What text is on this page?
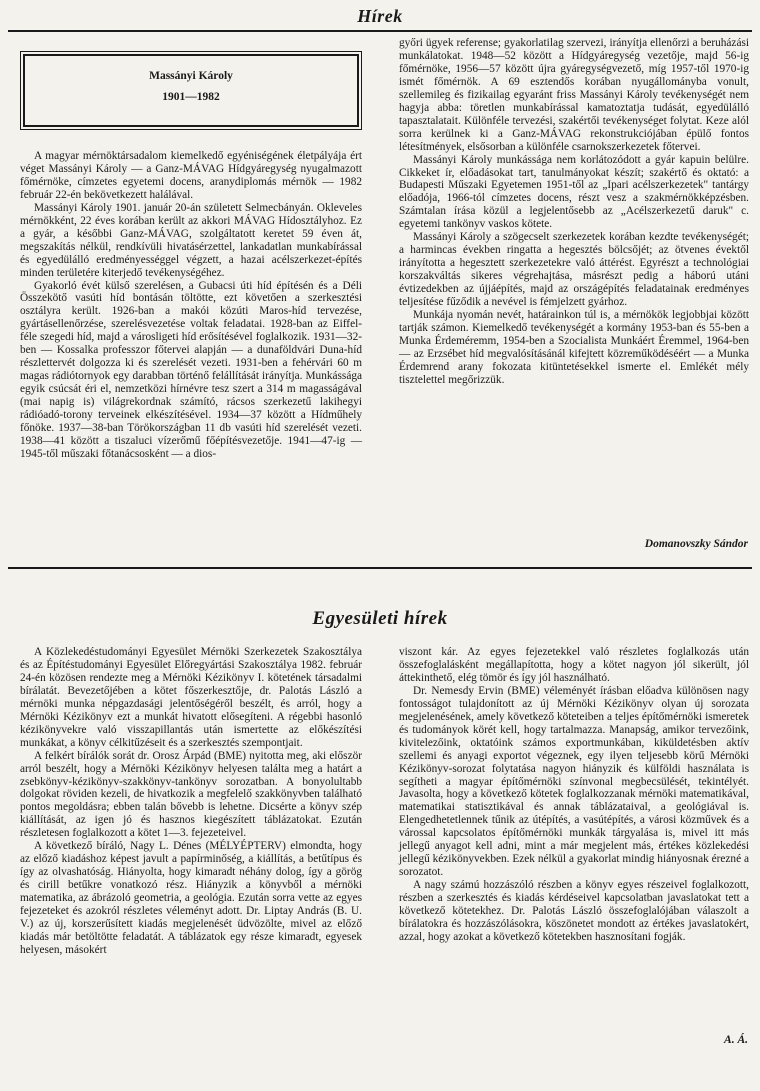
Hírek
Massányi Károly
1901—1982

A magyar mérnöktársadalom kiemelkedő egyéniségének életpályája ért véget Massányi Károly — a Ganz-MÁVAG Hídgyáregység nyugalmazott főmérnöke, címzetes egyetemi docens, aranydiplomás mérnök — 1982 február 22-én bekövetkezett halálával.

Massányi Károly 1901. január 20-án született Selmecbányán. Okleveles mérnökként, 22 éves korában került az akkori MÁVAG Hídosztályhoz. Ez a gyár, a későbbi Ganz-MÁVAG, szolgáltatott keretet 59 éven át, megszakítás nélkül, rendkívüli hivatásérzettel, lankadatlan munkabírással és egyedülálló eredményességgel végzett, a hazai acélszerkezet-építés minden területére kiterjedő tevékenységéhez.

Gyakorló évét külső szerelésen, a Gubacsi úti híd építésén és a Déli Összekötő vasúti híd bontásán töltötte, ezt követően a szerkesztési osztályra került. 1926-ban a makói közúti Maros-híd tervezése, gyártásellenőrzése, szerelésvezetése voltak feladatai. 1928-ban az Eiffel-féle szegedi híd, majd a városligeti híd erősítésével foglalkozik. 1931—32-ben — Kossalka professzor főtervei alapján — a dunaföldvári Duna-híd részlettervét dolgozza ki és szerelését vezeti. 1931-ben a fehérvári 60 m magas rádiótornyok egy darabban történő felállítását irányítja. Munkássága egyik csúcsát éri el, nemzetközi hírnévre tesz szert a 314 m magasságával (mai napig is) világrekordnak számító, rácsos szerkezetű lakihegyi rádióadó-torony terveinek elkészítésével. 1934—37 között a Hídműhely főnöke. 1937—38-ban Törökországban 11 db vasúti híd szerelését vezeti. 1938—41 között a tiszaluci vízerőmű főépítésvezetője. 1941—47-ig — 1945-től műszaki főtanácsosként — a dios-

győri ügyek referense; gyakorlatilag szervezi, irányítja ellenőrzi a beruházási munkálatokat. 1948—52 között a Hídgyáregység vezetője, majd 56-ig főmérnöke, 1956—57 között újra gyáregységvezető, míg 1957-től 1970-ig ismét főmérnök. A 69 esztendős korában nyugállományba vonult, szellemileg és fizikailag egyaránt friss Massányi Károly tevékenységét nem hagyja abba: töretlen munkabírással kamatoztatja tudását, egyedülálló tapasztalatait. Különféle tervezési, szakértői tevékenységet folytat. Keze alól sorra kerülnek ki a Ganz-MÁVAG rekonstrukciójában épülő fontos létesítmények, elsősorban a különféle csarnokszerkezetek főtervei.

Massányi Károly munkássága nem korlátozódott a gyár kapuin belülre. Cikkeket ír, előadásokat tart, tanulmányokat készít; szakértő és oktató: a Budapesti Műszaki Egyetemen 1951-től az „Ipari acélszerkezetek" tantárgy előadója, 1966-tól címzetes docens, részt vesz a szakmérnökképzésben. Számtalan írása közül a legjelentősebb az „Acélszerkezetű daruk" c. egyetemi tankönyv vaskos kötete.

Massányi Károly a szögecselt szerkezetek korában kezdte tevékenységét; a harmincas években ringatta a hegesztés bölcsőjét; az ötvenes évektől irányította a hegesztett szerkezetekre való áttérést. Egyrészt a technológiai korszakváltás sikeres végrehajtása, másrészt pedig a háború utáni évtizedekben az újjáépítés, majd az országépítés feladatainak eredményes teljesítése fűződik a nevével is fémjelzett gyárhoz.

Munkája nyomán nevét, határainkon túl is, a mérnökök legjobbjai között tartják számon. Kiemelkedő tevékenységét a kormány 1953-ban és 55-ben a Munka Érdeméremm, 1954-ben a Szocialista Munkáért Éremmel, 1964-ben — az Erzsébet híd megvalósításánál kifejtett közreműködéséért — a Munka Érdemrend arany fokozata kitüntetésekkel ismerte el. Emlékét mély tisztelettel megőrizzük.

Domanovszky Sándor
Egyesületi hírek

A Közlekedéstudományi Egyesület Mérnöki Szerkezetek Szakosztálya és az Építéstudományi Egyesület Előregyártási Szakosztálya 1982. február 24-én közösen rendezte meg a Mérnöki Kézikönyv I. kötetének társadalmi bírálatát. Bevezetőjében a kötet főszerkesztője, dr. Palotás László a mérnöki munka népgazdasági jelentőségéről beszélt, és arról, hogy a Mérnöki Kézikönyv ezt a munkát hivatott elősegíteni. A régebbi hasonló kézikönyvekre való visszapillantás után ismertette az előkészítési munkákat, a könyv célkitűzéseit és a szerkesztés szempontjait.

A felkért bírálók sorát dr. Orosz Árpád (BME) nyitotta meg, aki először arról beszélt, hogy a Mérnöki Kézikönyv helyesen találta meg a határt a zsebkönyv-kézikönyv-szakkönyv-tankönyv sorozatban. A bonyolultabb dolgokat röviden kezeli, de hivatkozik a megfelelő szakkönyvben található pontos megoldásra; ebben talán bővebb is lehetne. Dicsérte a könyv szép kiállítását, az igen jó és hasznos kiegészített táblázatokat. Ezután részletesen foglalkozott a kötet 1—3. fejezeteivel.

A következő bíráló, Nagy L. Dénes (MÉLYÉPTERV) elmondta, hogy az előző kiadáshoz képest javult a papírminőség, a kiállítás, a betűtípus és így az olvashatóság. Hiányolta, hogy kimaradt néhány dolog, így a görög és cirill betűkre vonatkozó rész. Hiányzik a könyvből a mérnöki matematika, az ábrázoló geometria, a geológia. Ezután sorra vette az egyes fejezeteket és azokról részletes véleményt adott. Dr. Liptay András (B. U. V.) az új, korszerűsített kiadás megjelenését üdvözölte, mivel az előző kiadás már betöltötte feladatát. A táblázatok egy része kimaradt, egyesek helyesen, másokért

viszont kár. Az egyes fejezetekkel való részletes foglalkozás után összefoglalásként megállapította, hogy a kötet nagyon jól sikerült, jól áttekinthető, elég tömör és így jól használható.

Dr. Nemesdy Ervin (BME) véleményét írásban előadva különösen nagy fontosságot tulajdonított az új Mérnöki Kézikönyv olyan új sorozata megjelenésének, amely következő köteteiben a teljes építőmérnöki ismeretek és tudományok körét kell, hogy tartalmazza. Manapság, amikor tervezőink, kivitelezőink, oktatóink számos exportmunkában, kiküldetésben aktív szellemi és anyagi exportot végeznek, egy ilyen teljesebb körű Mérnöki Kézikönyv-sorozat folytatása nagyon hiányzik és külföldi használata is segítheti a magyar építőmérnöki színvonal megbecsülését, tekintélyét. Javasolta, hogy a következő kötetek foglalkozzanak mérnöki matematikával, matematikai statisztikával és annak táblázataival, a geológiával is. Elengedhetetlennek tűnik az útépítés, a vasútépítés, a városi közművek és a várossal kapcsolatos építőmérnöki munkák tárgyalása is, mivel itt más jellegű anyagot kell adni, mint a már megjelent más, értékes közlekedési jellegű kézikönyvekben. Ezek nélkül a gyakorlat mindig hiányosnak érezné a sorozatot.

A nagy számú hozzászóló részben a könyv egyes részeivel foglalkozott, részben a szerkesztés és kiadás kérdéseivel kapcsolatban javaslatokat tett a következő kötetekhez. Dr. Palotás László összefoglalójában válaszolt a bírálatokra és hozzászólásokra, köszönetet mondott az értékes javaslatokért, azzal, hogy azokat a következő kötetekben hasznosítani fogják.

A. Á.
